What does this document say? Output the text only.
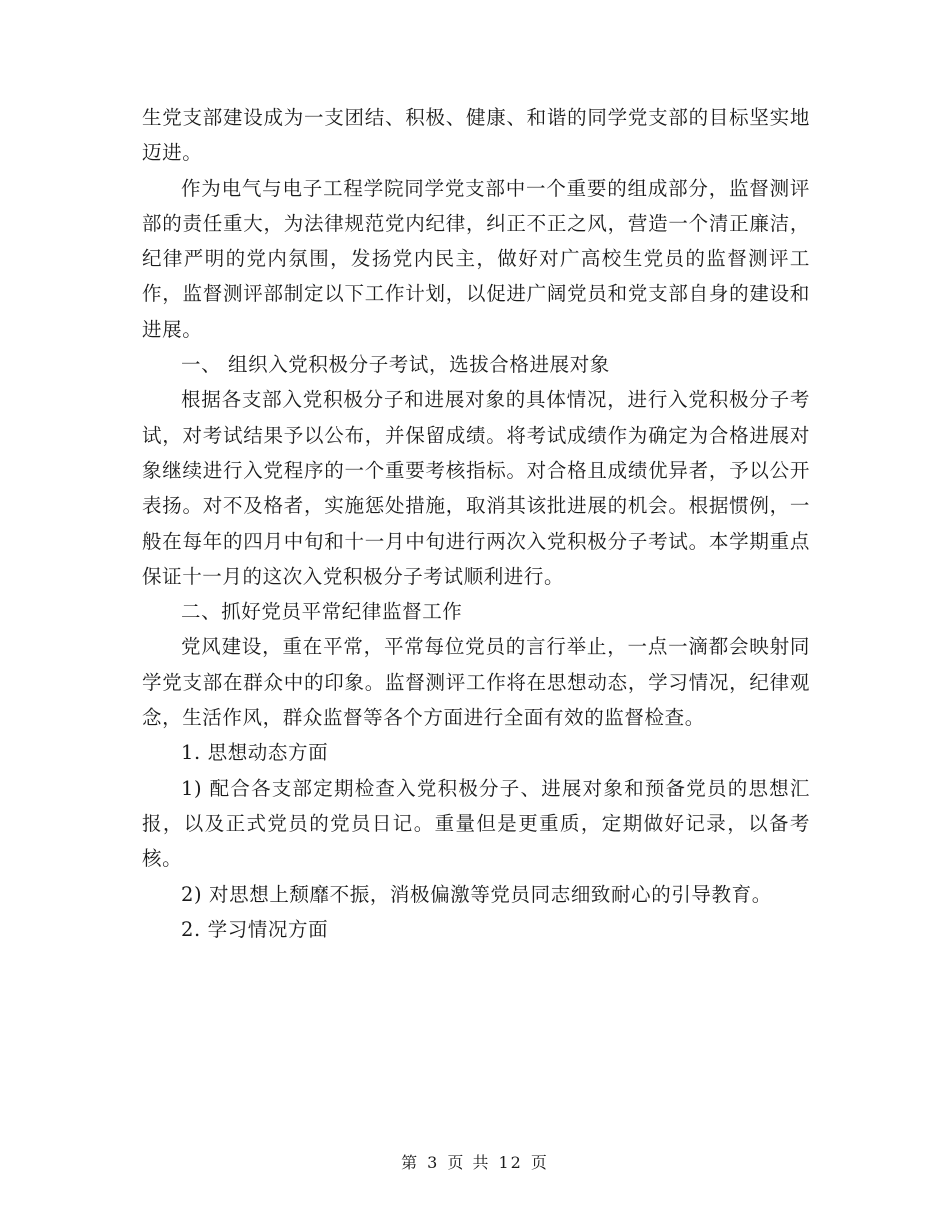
生党支部建设成为一支团结、积极、健康、和谐的同学党支部的目标坚实地迈进。

作为电气与电子工程学院同学党支部中一个重要的组成部分，监督测评部的责任重大，为法律规范党内纪律，纠正不正之风，营造一个清正廉洁，纪律严明的党内氛围，发扬党内民主，做好对广高校生党员的监督测评工作，监督测评部制定以下工作计划，以促进广阔党员和党支部自身的建设和进展。

一、 组织入党积极分子考试，选拔合格进展对象

根据各支部入党积极分子和进展对象的具体情况，进行入党积极分子考试，对考试结果予以公布，并保留成绩。将考试成绩作为确定为合格进展对象继续进行入党程序的一个重要考核指标。对合格且成绩优异者，予以公开表扬。对不及格者，实施惩处措施，取消其该批进展的机会。根据惯例，一般在每年的四月中旬和十一月中旬进行两次入党积极分子考试。本学期重点保证十一月的这次入党积极分子考试顺利进行。

二、抓好党员平常纪律监督工作

党风建设，重在平常，平常每位党员的言行举止，一点一滴都会映射同学党支部在群众中的印象。监督测评工作将在思想动态，学习情况，纪律观念，生活作风，群众监督等各个方面进行全面有效的监督检查。

1. 思想动态方面

1) 配合各支部定期检查入党积极分子、进展对象和预备党员的思想汇报，以及正式党员的党员日记。重量但是更重质，定期做好记录，以备考核。

2) 对思想上颓靡不振，消极偏激等党员同志细致耐心的引导教育。

2. 学习情况方面

第 3 页 共 12 页
